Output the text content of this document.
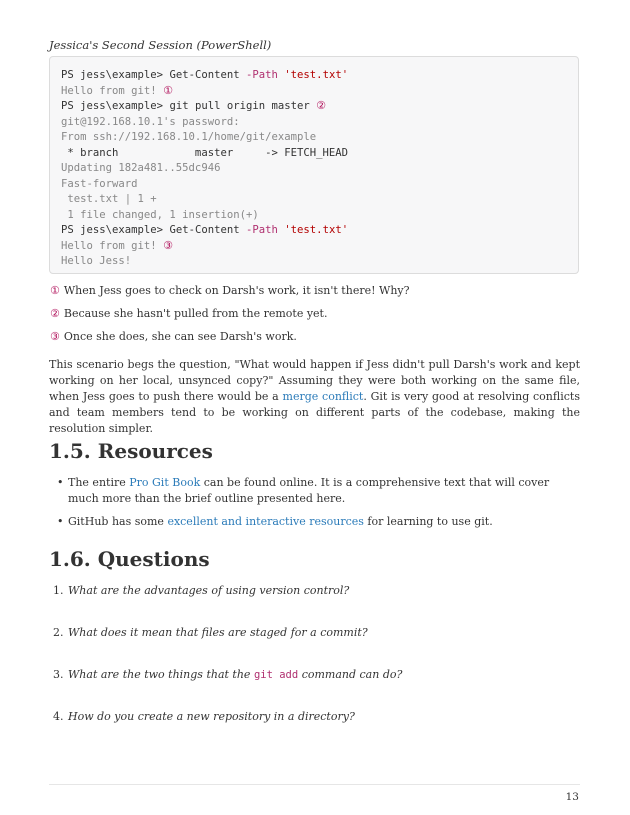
Jessica's Second Session (PowerShell)
PS jess\example> Get-Content -Path 'test.txt'
Hello from git! ①
PS jess\example> git pull origin master ②
git@192.168.10.1's password:
From ssh://192.168.10.1/home/git/example
* branch            master     -> FETCH_HEAD
Updating 182a481..55dc946
Fast-forward
test.txt | 1 +
1 file changed, 1 insertion(+)
PS jess\example> Get-Content -Path 'test.txt'
Hello from git! ③
Hello Jess!
① When Jess goes to check on Darsh's work, it isn't there! Why?
② Because she hasn't pulled from the remote yet.
③ Once she does, she can see Darsh's work.
This scenario begs the question, "What would happen if Jess didn't pull Darsh's work and kept working on her local, unsynced copy?" Assuming they were both working on the same file, when Jess goes to push there would be a merge conflict. Git is very good at resolving conflicts and team members tend to be working on different parts of the codebase, making the resolution simpler.
1.5. Resources
• The entire Pro Git Book can be found online. It is a comprehensive text that will cover much more than the brief outline presented here.
• GitHub has some excellent and interactive resources for learning to use git.
1.6. Questions
1. What are the advantages of using version control?
2. What does it mean that files are staged for a commit?
3. What are the two things that the git add command can do?
4. How do you create a new repository in a directory?
13
